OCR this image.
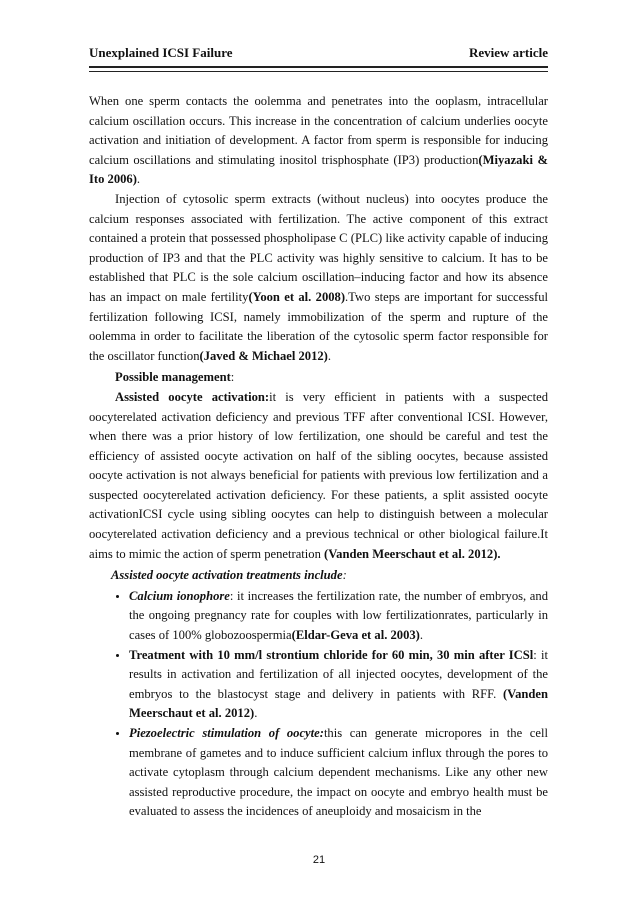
Unexplained ICSI Failure	Review article

When one sperm contacts the oolemma and penetrates into the ooplasm, intracellular calcium oscillation occurs. This increase in the concentration of calcium underlies oocyte activation and initiation of development. A factor from sperm is responsible for inducing calcium oscillations and stimulating inositol trisphosphate (IP3) production(Miyazaki & Ito 2006).

Injection of cytosolic sperm extracts (without nucleus) into oocytes produce the calcium responses associated with fertilization. The active component of this extract contained a protein that possessed phospholipase C (PLC) like activity capable of inducing production of IP3 and that the PLC activity was highly sensitive to calcium. It has to be established that PLC is the sole calcium oscillation–inducing factor and how its absence has an impact on male fertility(Yoon et al. 2008).Two steps are important for successful fertilization following ICSI, namely immobilization of the sperm and rupture of the oolemma in order to facilitate the liberation of the cytosolic sperm factor responsible for the oscillator function(Javed & Michael 2012).

Possible management:

Assisted oocyte activation:it is very efficient in patients with a suspected oocyterelated activation deficiency and previous TFF after conventional ICSI. However, when there was a prior history of low fertilization, one should be careful and test the efficiency of assisted oocyte activation on half of the sibling oocytes, because assisted oocyte activation is not always beneficial for patients with previous low fertilization and a suspected oocyterelated activation deficiency. For these patients, a split assisted oocyte activationICSI cycle using sibling oocytes can help to distinguish between a molecular oocyterelated activation deficiency and a previous technical or other biological failure.It aims to mimic the action of sperm penetration (Vanden Meerschaut et al. 2012).

Assisted oocyte activation treatments include:

• Calcium ionophore: it increases the fertilization rate, the number of embryos, and the ongoing pregnancy rate for couples with low fertilizationrates, particularly in cases of 100% globozoospermia(Eldar-Geva et al. 2003).
• Treatment with 10 mm/l strontium chloride for 60 min, 30 min after ICSl: it results in activation and fertilization of all injected oocytes, development of the embryos to the blastocyst stage and delivery in patients with RFF. (Vanden Meerschaut et al. 2012).
• Piezoelectric stimulation of oocyte:this can generate micropores in the cell membrane of gametes and to induce sufficient calcium influx through the pores to activate cytoplasm through calcium dependent mechanisms. Like any other new assisted reproductive procedure, the impact on oocyte and embryo health must be evaluated to assess the incidences of aneuploidy and mosaicism in the
21
